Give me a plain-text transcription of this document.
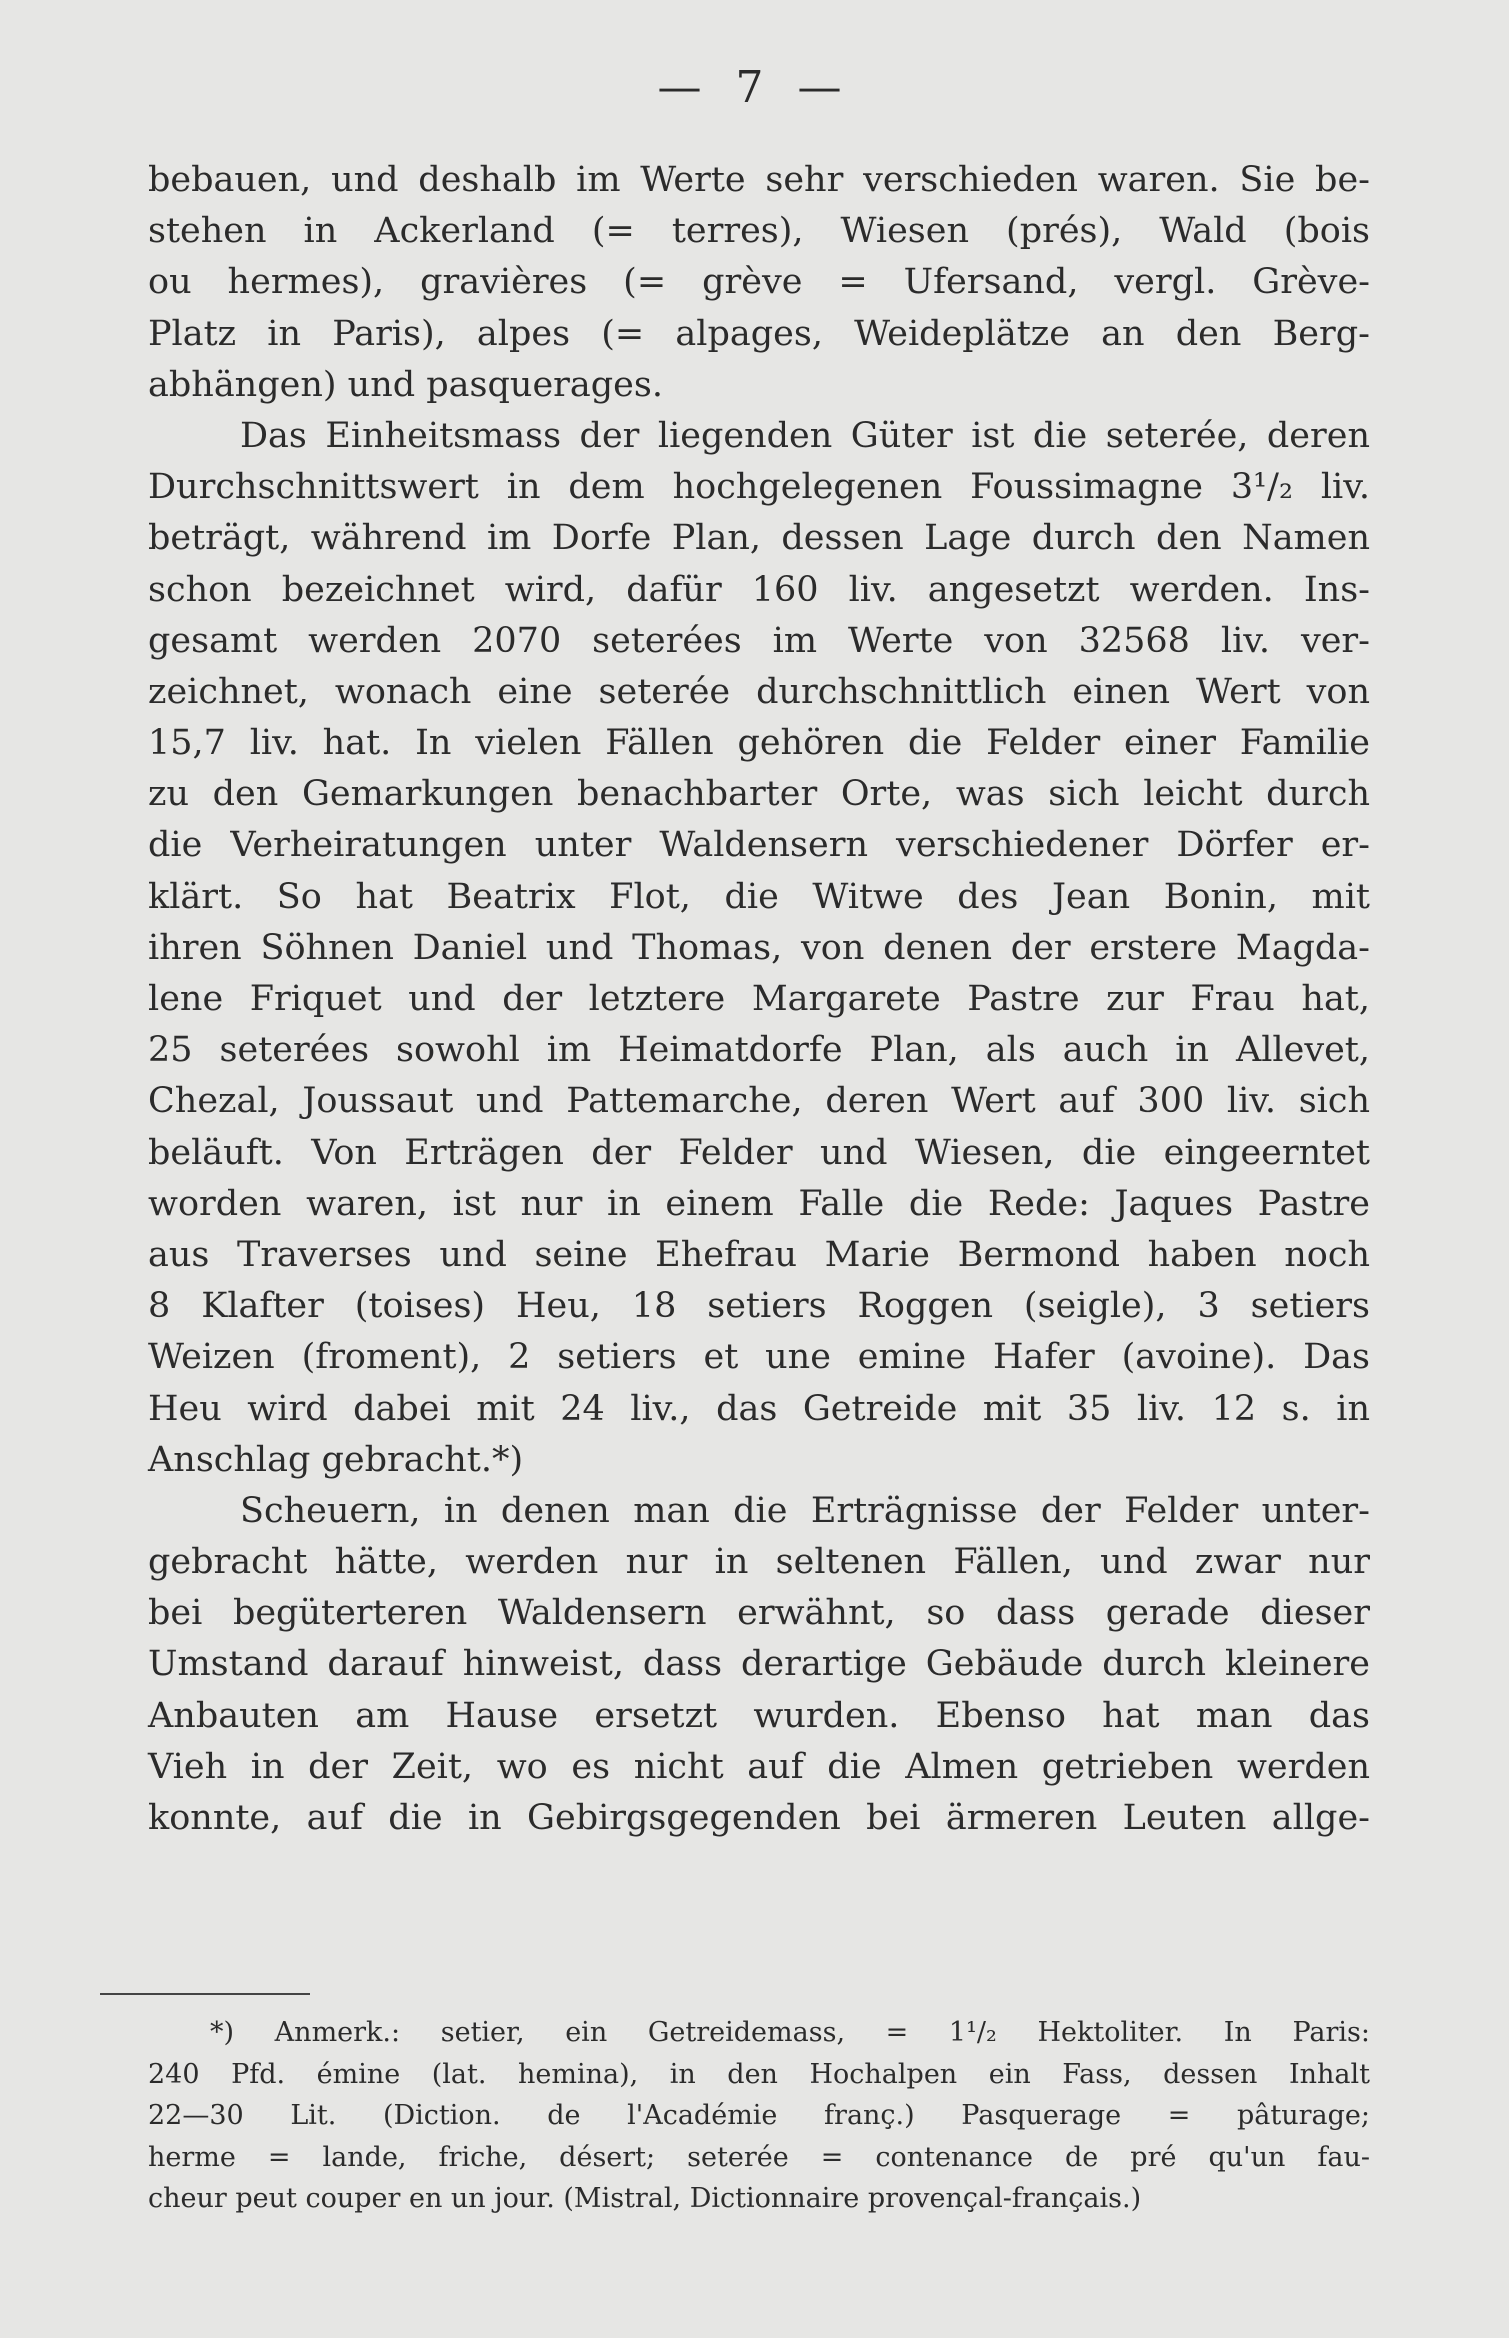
— 7 —
bebauen, und deshalb im Werte sehr verschieden waren. Sie be-
stehen in Ackerland (= terres), Wiesen (prés), Wald (bois
ou hermes), gravières (= grève = Ufersand, vergl. Grève-
Platz in Paris), alpes (= alpages, Weideplätze an den Berg-
abhängen) und pasquerages.
Das Einheitsmass der liegenden Güter ist die seterée, deren
Durchschnittswert in dem hochgelegenen Foussimagne 3¹/₂ liv.
beträgt, während im Dorfe Plan, dessen Lage durch den Namen
schon bezeichnet wird, dafür 160 liv. angesetzt werden. Ins-
gesamt werden 2070 seterées im Werte von 32568 liv. ver-
zeichnet, wonach eine seterée durchschnittlich einen Wert von
15,7 liv. hat. In vielen Fällen gehören die Felder einer Familie
zu den Gemarkungen benachbarter Orte, was sich leicht durch
die Verheiratungen unter Waldensern verschiedener Dörfer er-
klärt. So hat Beatrix Flot, die Witwe des Jean Bonin, mit
ihren Söhnen Daniel und Thomas, von denen der erstere Magda-
lene Friquet und der letztere Margarete Pastre zur Frau hat,
25 seterées sowohl im Heimatdorfe Plan, als auch in Allevet,
Chezal, Joussaut und Pattemarche, deren Wert auf 300 liv. sich
beläuft. Von Erträgen der Felder und Wiesen, die eingeerntet
worden waren, ist nur in einem Falle die Rede: Jaques Pastre
aus Traverses und seine Ehefrau Marie Bermond haben noch
8 Klafter (toises) Heu, 18 setiers Roggen (seigle), 3 setiers
Weizen (froment), 2 setiers et une emine Hafer (avoine). Das
Heu wird dabei mit 24 liv., das Getreide mit 35 liv. 12 s. in
Anschlag gebracht.*)
Scheuern, in denen man die Erträgnisse der Felder unter-
gebracht hätte, werden nur in seltenen Fällen, und zwar nur
bei begüterteren Waldensern erwähnt, so dass gerade dieser
Umstand darauf hinweist, dass derartige Gebäude durch kleinere
Anbauten am Hause ersetzt wurden. Ebenso hat man das
Vieh in der Zeit, wo es nicht auf die Almen getrieben werden
konnte, auf die in Gebirgsgegenden bei ärmeren Leuten allge-
*) Anmerk.: setier, ein Getreidemass, = 1¹/₂ Hektoliter. In Paris:
240 Pfd. émine (lat. hemina), in den Hochalpen ein Fass, dessen Inhalt
22—30 Lit. (Diction. de l'Académie franç.) Pasquerage = pâturage;
herme = lande, friche, désert; seterée = contenance de pré qu'un fau-
cheur peut couper en un jour. (Mistral, Dictionnaire provençal-français.)
